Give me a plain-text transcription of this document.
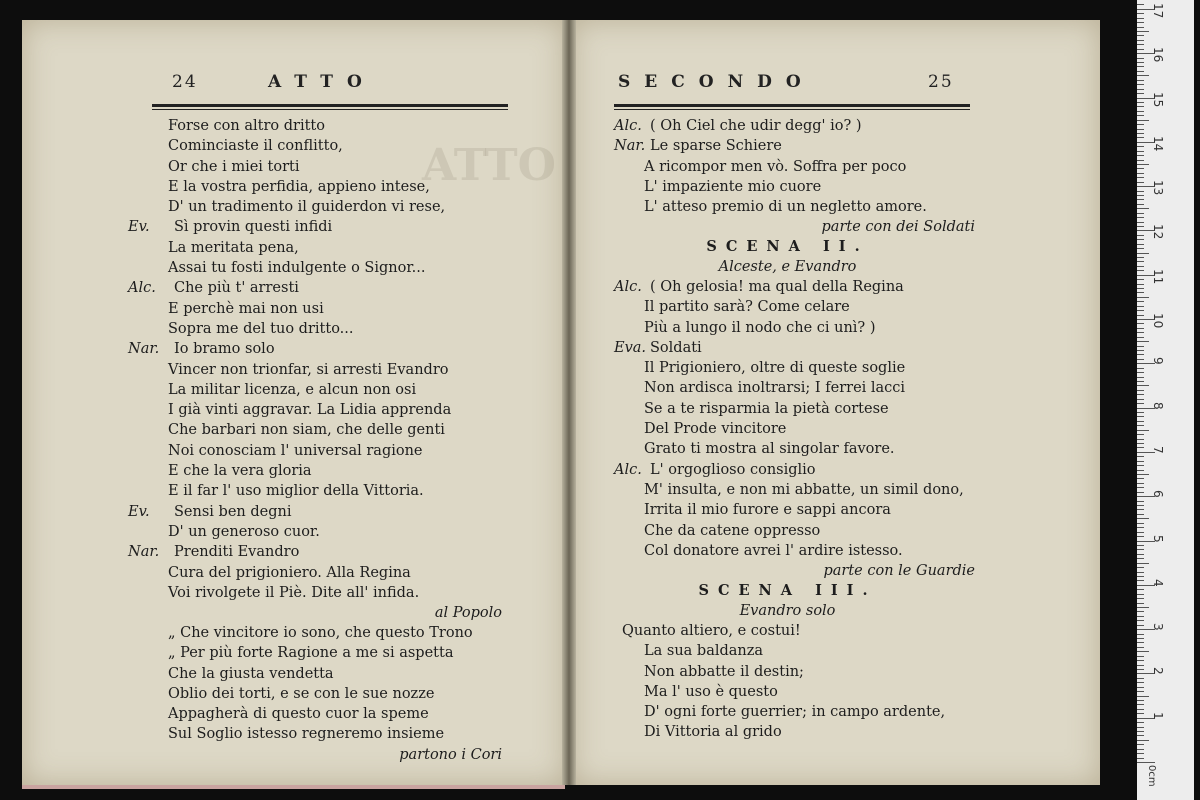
ATTO
24	ATTO	SECONDO	25
Forse con altro dritto
Cominciaste il conflitto,
Or che i miei torti
E la vostra perfidia, appieno intese,
D' un tradimento il guiderdon vi rese,
Ev. Sì provin questi infidi
La meritata pena,
Assai tu fosti indulgente o Signor...
Alc. Che più t' arresti
E perchè mai non usi
Sopra me del tuo dritto...
Nar. Io bramo solo
Vincer non trionfar, si arresti Evandro
La militar licenza, e alcun non osi
I già vinti aggravar. La Lidia apprenda
Che barbari non siam, che delle genti
Noi conosciam l' universal ragione
E che la vera gloria
E il far l' uso miglior della Vittoria.
Ev. Sensi ben degni
D' un generoso cuor.
Nar. Prenditi Evandro
Cura del prigioniero. Alla Regina
Voi rivolgete il Piè. Dite all' infida.
al Popolo
„ Che vincitore io sono, che questo Trono
„ Per più forte Ragione a me si aspetta
Che la giusta vendetta
Oblio dei torti, e se con le sue nozze
Appagherà di questo cuor la speme
Sul Soglio istesso regneremo insieme
partono i Cori
Alc. ( Oh Ciel che udir degg' io? )
Nar. Le sparse Schiere
A ricompor men vò. Soffra per poco
L' impaziente mio cuore
L' atteso premio di un negletto amore.
parte con dei Soldati
SCENA II.
Alceste, e Evandro
Alc. ( Oh gelosia! ma qual della Regina
Il partito sarà? Come celare
Più a lungo il nodo che ci unì? )
Eva. Soldati
Il Prigioniero, oltre di queste soglie
Non ardisca inoltrarsi; I ferrei lacci
Se a te risparmia la pietà cortese
Del Prode vincitore
Grato ti mostra al singolar favore.
Alc. L' orgoglioso consiglio
M' insulta, e non mi abbatte, un simil dono,
Irrita il mio furore e sappi ancora
Che da catene oppresso
Col donatore avrei l' ardire istesso.
parte con le Guardie
SCENA III.
Evandro solo
Quanto altiero, e costui!
La sua baldanza
Non abbatte il destin;
Ma l' uso è questo
D' ogni forte guerrier; in campo ardente,
Di Vittoria al grido
0cm
1
2
3
4
5
6
7
8
9
10
11
12
13
14
15
16
17
